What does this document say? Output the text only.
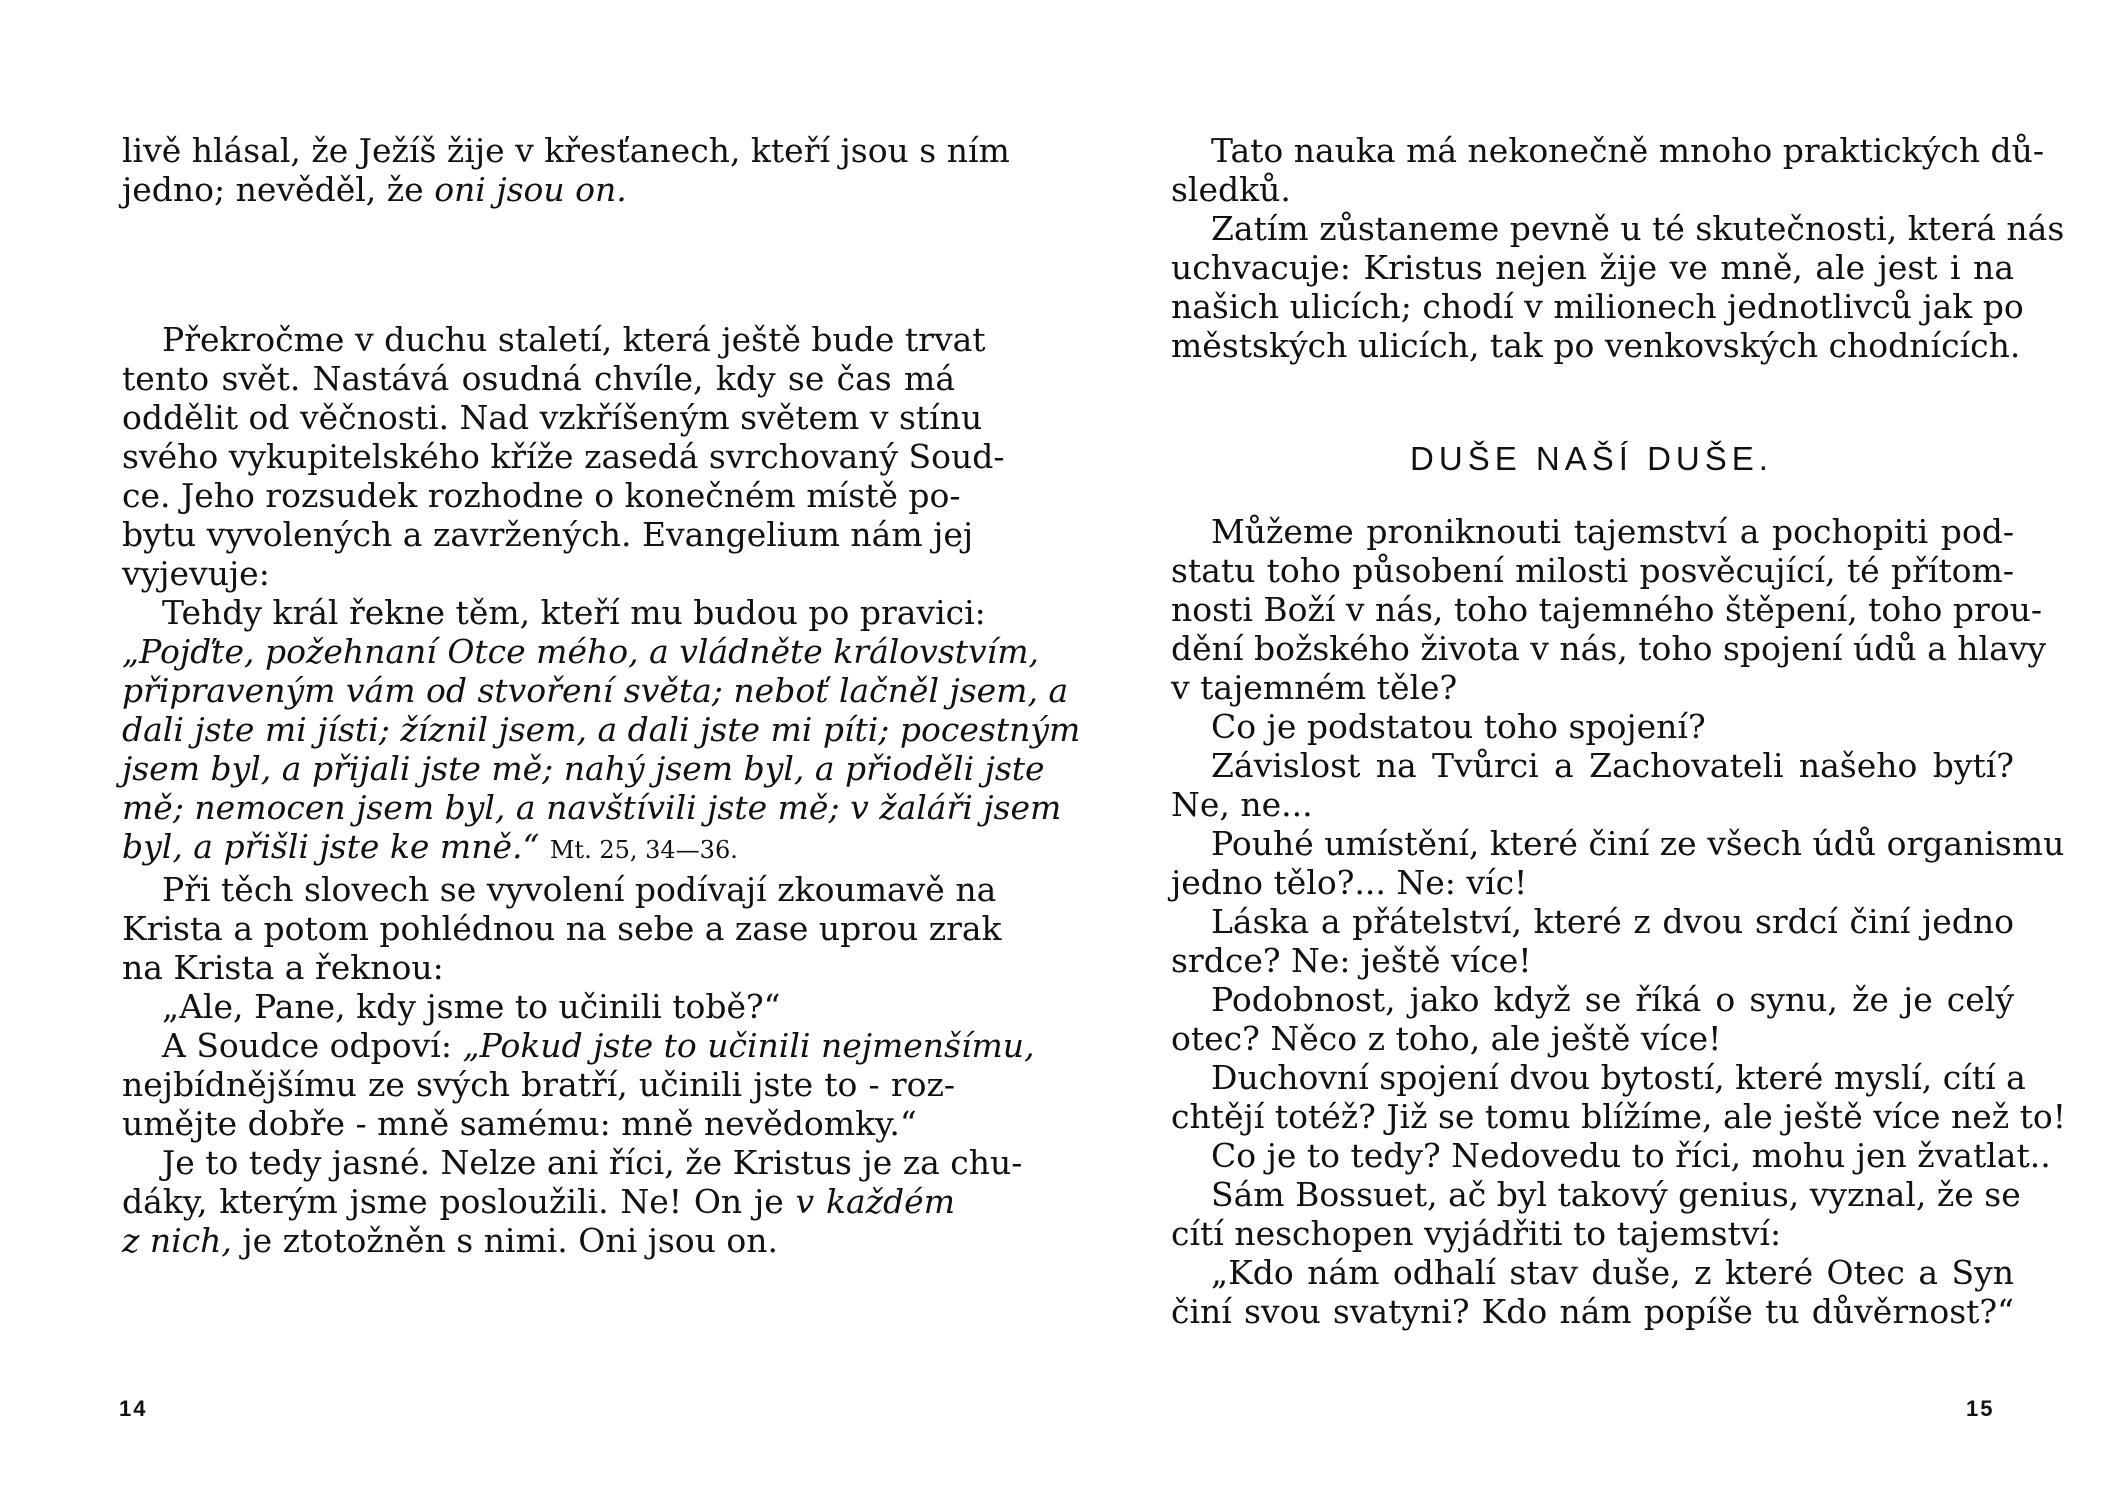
livě hlásal, že Ježíš žije v křesťanech, kteří jsou s ním
jedno; nevěděl, že oni jsou on.
Překročme v duchu staletí, která ještě bude trvat
tento svět. Nastává osudná chvíle, kdy se čas má
oddělit od věčnosti. Nad vzkříšeným světem v stínu
svého vykupitelského kříže zasedá svrchovaný Soud-
ce. Jeho rozsudek rozhodne o konečném místě po-
bytu vyvolených a zavržených. Evangelium nám jej
vyjevuje:
Tehdy král řekne těm, kteří mu budou po pravici:
„Pojďte, požehnaní Otce mého, a vládněte královstvím,
připraveným vám od stvoření světa; neboť lačněl jsem, a
dali jste mi jísti; žíznil jsem, a dali jste mi píti; pocestným
jsem byl, a přijali jste mě; nahý jsem byl, a přioděli jste
mě; nemocen jsem byl, a navštívili jste mě; v žaláři jsem
byl, a přišli jste ke mně.“ Mt. 25, 34—36.
Při těch slovech se vyvolení podívají zkoumavě na
Krista a potom pohlédnou na sebe a zase uprou zrak
na Krista a řeknou:
„Ale, Pane, kdy jsme to učinili tobě?“
A Soudce odpoví: „Pokud jste to učinili nejmenšímu,
nejbídnějšímu ze svých bratří, učinili jste to - roz-
umějte dobře - mně samému: mně nevědomky.“
Je to tedy jasné. Nelze ani říci, že Kristus je za chu-
dáky, kterým jsme posloužili. Ne! On je v každém
z nich, je ztotožněn s nimi. Oni jsou on.
14
Tato nauka má nekonečně mnoho praktických dů-
sledků.
Zatím zůstaneme pevně u té skutečnosti, která nás
uchvacuje: Kristus nejen žije ve mně, ale jest i na
našich ulicích; chodí v milionech jednotlivců jak po
městských ulicích, tak po venkovských chodnících.
DUŠE NAŠÍ DUŠE.
Můžeme proniknouti tajemství a pochopiti pod-
statu toho působení milosti posvěcující, té přítom-
nosti Boží v nás, toho tajemného štěpení, toho prou-
dění božského života v nás, toho spojení údů a hlavy
v tajemném těle?
Co je podstatou toho spojení?
Závislost na Tvůrci a Zachovateli našeho bytí?
Ne, ne...
Pouhé umístění, které činí ze všech údů organismu
jedno tělo?... Ne: víc!
Láska a přátelství, které z dvou srdcí činí jedno
srdce? Ne: ještě více!
Podobnost, jako když se říká o synu, že je celý
otec? Něco z toho, ale ještě více!
Duchovní spojení dvou bytostí, které myslí, cítí a
chtějí totéž? Již se tomu blížíme, ale ještě více než to!
Co je to tedy? Nedovedu to říci, mohu jen žvatlat..
Sám Bossuet, ač byl takový genius, vyznal, že se
cítí neschopen vyjádřiti to tajemství:
„Kdo nám odhalí stav duše, z které Otec a Syn
činí svou svatyni? Kdo nám popíše tu důvěrnost?“
15
